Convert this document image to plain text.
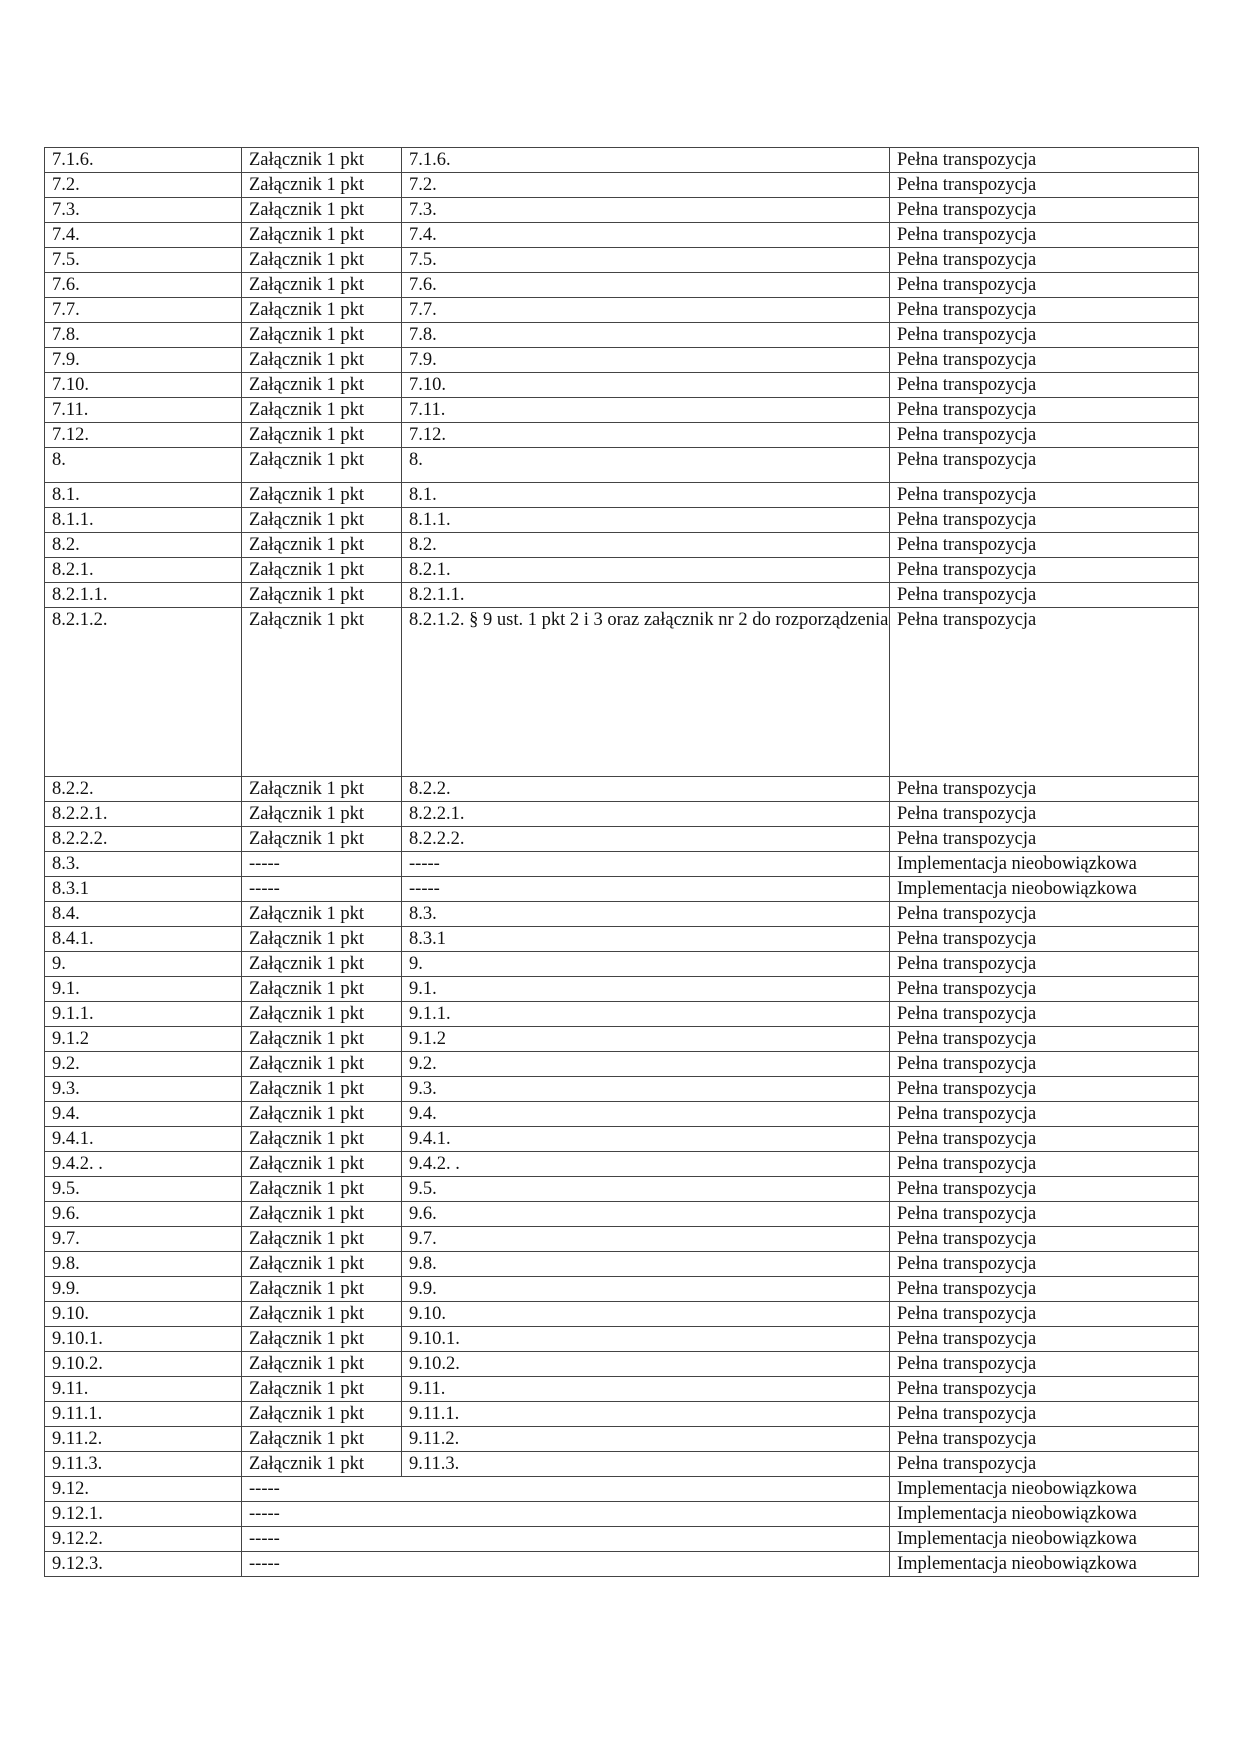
7.1.6.	Załącznik 1 pkt	7.1.6.	Pełna transpozycja
7.2.	Załącznik 1 pkt	7.2.	Pełna transpozycja
7.3.	Załącznik 1 pkt	7.3.	Pełna transpozycja
7.4.	Załącznik 1 pkt	7.4.	Pełna transpozycja
7.5.	Załącznik 1 pkt	7.5.	Pełna transpozycja
7.6.	Załącznik 1 pkt	7.6.	Pełna transpozycja
7.7.	Załącznik 1 pkt	7.7.	Pełna transpozycja
7.8.	Załącznik 1 pkt	7.8.	Pełna transpozycja
7.9.	Załącznik 1 pkt	7.9.	Pełna transpozycja
7.10.	Załącznik 1 pkt	7.10.	Pełna transpozycja
7.11.	Załącznik 1 pkt	7.11.	Pełna transpozycja
7.12.	Załącznik 1 pkt	7.12.	Pełna transpozycja
8.	Załącznik 1 pkt	8.	Pełna transpozycja
8.1.	Załącznik 1 pkt	8.1.	Pełna transpozycja
8.1.1.	Załącznik 1 pkt	8.1.1.	Pełna transpozycja
8.2.	Załącznik 1 pkt	8.2.	Pełna transpozycja
8.2.1.	Załącznik 1 pkt	8.2.1.	Pełna transpozycja
8.2.1.1.	Załącznik 1 pkt	8.2.1.1.	Pełna transpozycja
8.2.1.2.	Załącznik 1 pkt	8.2.1.2. § 9 ust. 1 pkt 2 i 3 oraz załącznik nr 2 do rozporządzenia	Pełna transpozycja
8.2.2.	Załącznik 1 pkt	8.2.2.	Pełna transpozycja
8.2.2.1.	Załącznik 1 pkt	8.2.2.1.	Pełna transpozycja
8.2.2.2.	Załącznik 1 pkt	8.2.2.2.	Pełna transpozycja
8.3.	-----	-----	Implementacja nieobowiązkowa
8.3.1	-----	-----	Implementacja nieobowiązkowa
8.4.	Załącznik 1 pkt	8.3.	Pełna transpozycja
8.4.1.	Załącznik 1 pkt	8.3.1	Pełna transpozycja
9.	Załącznik 1 pkt	9.	Pełna transpozycja
9.1.	Załącznik 1 pkt	9.1.	Pełna transpozycja
9.1.1.	Załącznik 1 pkt	9.1.1.	Pełna transpozycja
9.1.2	Załącznik 1 pkt	9.1.2	Pełna transpozycja
9.2.	Załącznik 1 pkt	9.2.	Pełna transpozycja
9.3.	Załącznik 1 pkt	9.3.	Pełna transpozycja
9.4.	Załącznik 1 pkt	9.4.	Pełna transpozycja
9.4.1.	Załącznik 1 pkt	9.4.1.	Pełna transpozycja
9.4.2. .	Załącznik 1 pkt	9.4.2. .	Pełna transpozycja
9.5.	Załącznik 1 pkt	9.5.	Pełna transpozycja
9.6.	Załącznik 1 pkt	9.6.	Pełna transpozycja
9.7.	Załącznik 1 pkt	9.7.	Pełna transpozycja
9.8.	Załącznik 1 pkt	9.8.	Pełna transpozycja
9.9.	Załącznik 1 pkt	9.9.	Pełna transpozycja
9.10.	Załącznik 1 pkt	9.10.	Pełna transpozycja
9.10.1.	Załącznik 1 pkt	9.10.1.	Pełna transpozycja
9.10.2.	Załącznik 1 pkt	9.10.2.	Pełna transpozycja
9.11.	Załącznik 1 pkt	9.11.	Pełna transpozycja
9.11.1.	Załącznik 1 pkt	9.11.1.	Pełna transpozycja
9.11.2.	Załącznik 1 pkt	9.11.2.	Pełna transpozycja
9.11.3.	Załącznik 1 pkt	9.11.3.	Pełna transpozycja
9.12.	-----		Implementacja nieobowiązkowa
9.12.1.	-----		Implementacja nieobowiązkowa
9.12.2.	-----		Implementacja nieobowiązkowa
9.12.3.	-----		Implementacja nieobowiązkowa
